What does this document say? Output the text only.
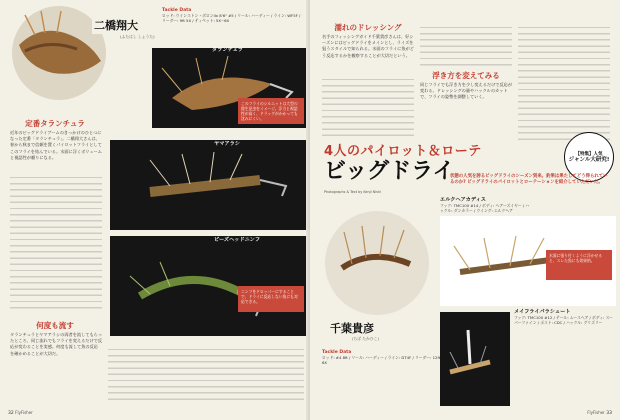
二橋翔大
(ふたはし しょうた)
Tackle Data
ロッド: ウインストン・ボロンIIx 8'6" #5 / リール: ハーディー / ライン: WF5F / リーダー: 9ft 5X / ティペット: 5X~6X
タランチュラ
このフライのシルエットは大型の陸生昆虫をイメージ。浮力と視認性が高く、ドラッグがかかっても沈みにくい。
ヤマアラシ
ビーズヘッドニンフ
ニンフをドロッパーにすることで、ドライに反応しない魚にも対応できる。
定番タランチュラ
近年のビッグドライブームのきっかけのひとつになった定番「タランチュラ」。二橋翔大さんは、春から秋まで信頼を置くパイロットフライとしてこのフライを結んでいる。水面に浮くボリュームと視認性が頼りになる。
何度も流す
タランチュラとヤマアラシの両者を流してもらったところ、同じ流れでもフライを変えるだけで反応が変わることを実感。何度も流して魚の反応を確かめることが大切だ。
32 FlyFisher
濡れのドレッシング
名手のフィッシングガイド千葉貴彦さんは、好シーズンにはビッグドライをメインとし、ライズを狙うスタイルで知られる。水面のフライに魚がどう反応するかを観察することが大切だという。
浮き方を変えてみる
同じフライでも浮き方を少し変えるだけで反応が変わる。ドレッシングの量やハックルのカットで、フライの姿勢を調整していく。
【特集】人気
ジャンル大研究!
4人のパイロット＆ローテ
ビッグドライ
Photographs & Text by Kenji Nishi
状態の人気を誇るビッグドライのシーズン到来。釣果は果たしてどう得られているのか? ビッグドライのパイロットとローテーションを紹介していただいた。
千葉貴彦
(ちば たかひこ)
Tackle Data
ロッド: #4 8ft / リール: ハーディー / ライン: DT4F / リーダー: 12ft 6X
エルクヘアカディス
フック: TMC100 #14 / ボディ: ヘアーズイヤー / ハックル: ダンカラー / ウイング: エルクヘア
水面に張り付くように浮かせると、スレた魚にも効果的。
メイフライパラシュート
フック: TMC100 #12 / テール: ムースヘア / ボディ: スーパーファイン / ポスト: CDC / ハックル: グリズリー
FlyFisher 33
